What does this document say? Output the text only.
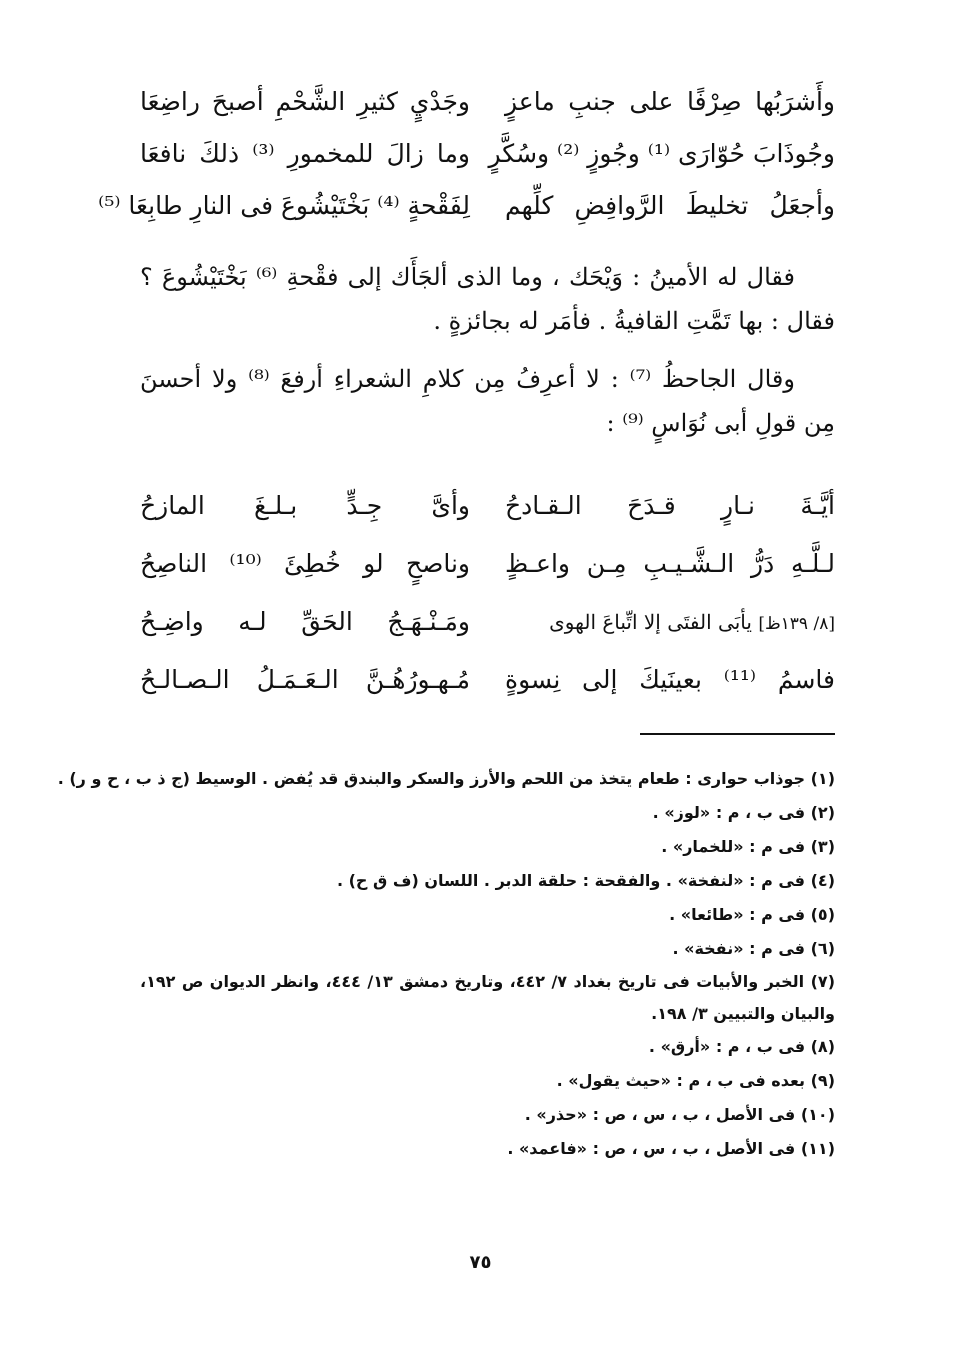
وأَشرَبُها صِرْفًا على جنبِ ماعزٍ
وجَدْيٍ كثيرِ الشَّحْمِ أصبحَ راضِعَا
وجُوذَابَ حُوّارَى ⁽¹⁾ وجُوزٍ ⁽²⁾ وسُكَّرٍ
وما زالَ للمخمورِ ⁽³⁾ ذلكَ نافعَا
وأجعَلُ تخليطَ الرَّوافِضِ كلِّهم
لِفَقْحةٍ ⁽⁴⁾ بَخْتَيْشُوعَ فى النارِ طابِعَا ⁽⁵⁾

فقال له الأمينُ : وَيْحَك ، وما الذى ألجَأَك إلى فقْحةِ ⁽⁶⁾ بَخْتَيْشُوعَ ؟ فقال : بها تَمَّتِ القافيةُ . فأمَر له بجائزةٍ .

وقال الجاحظُ ⁽⁷⁾ : لا أعرِفُ مِن كلامِ الشعراءِ أرفعَ ⁽⁸⁾ ولا أحسنَ مِن قولِ أبى نُوَاسٍ ⁽⁹⁾ :

أيَّـةَ نـارٍ قـدَحَ الـقـادحُ
وأىَّ جِـدٍّ بـلـغَ المازحُ
لـلَّـهِ دَرُّ الـشَّـيـبِ مِـن واعـظٍ
وناصحٍ لو خُطِئَ ⁽¹⁰⁾ الناصِحُ
[٨/ ١٣٩ظ] يأبَى الفتَى إلا اتِّباعَ الهوى
ومَـنْـهَـجُ الحَقِّ لـه واضِـحُ
فاسمُ ⁽¹¹⁾ بعينَيكَ إلى نِسوةٍ
مُـهـورُهُـنَّ الـعَـمَـلُ الـصـالـحُ

(١) جوذاب حوارى : طعام يتخذ من اللحم والأرز والسكر والبندق قد يُفض . الوسيط (ج ذ ب ، ح و ر) .

(٢) فى ب ، م : «لوز» .

(٣) فى م : «للخمار» .

(٤) فى م : «لنفخة» . والفقحة : حلقة الدبر . اللسان (ف ق ح) .

(٥) فى م : «طائعا» .

(٦) فى م : «نفخة» .

(٧) الخبر والأبيات فى تاريخ بغداد ٧/ ٤٤٢، وتاريخ دمشق ١٣/ ٤٤٤، وانظر الديوان ص ١٩٢، والبيان والتبيين ٣/ ١٩٨.

(٨) فى ب ، م : «أرق» .

(٩) بعده فى ب ، م : «حيث يقول» .

(١٠) فى الأصل ، ب ، س ، ص : «حذر» .

(١١) فى الأصل ، ب ، س ، ص : «فاعمد» .

٧٥
